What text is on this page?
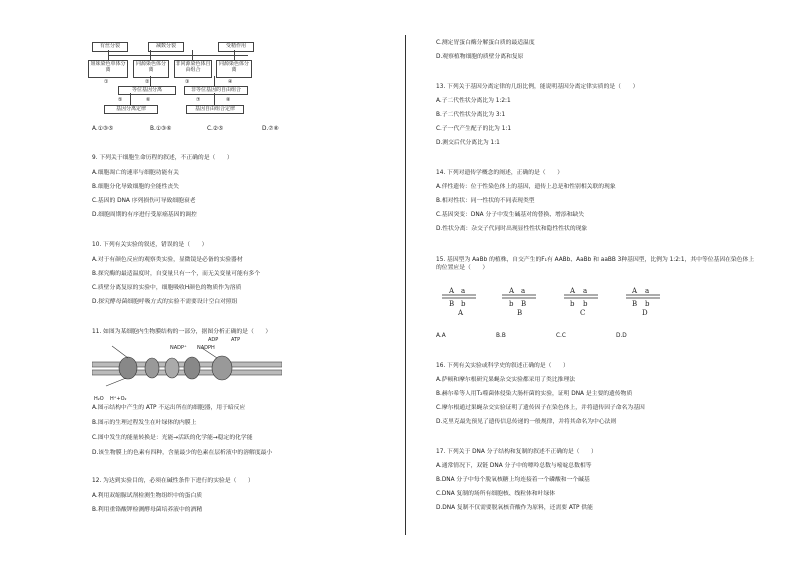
有丝分裂	减数分裂	受精作用
姐妹染色单体分离
同源染色体分离
非同源染色体自由组合
同源染色体分离
等位基因分离	非等位基因的自由组合
基因分离定律	基因自由组合定律
①	②	③	④
⑤	⑥	⑦	⑧
A.①③⑤	B.①③⑥	C.②⑤	D.⑦⑧
9. 下列关于细胞生命历程的叙述，不正确的是（　　）
A.细胞凋亡的速率与细胞功能有关
B.细胞分化导致细胞的全能性丧失
C.基因的 DNA 序列损伤可导致细胞衰老
D.细胞周期的有序进行受原癌基因的调控
10. 下列有关实验的叙述，错误的是（　　）
A.对于有颜色反应的观察类实验，显微镜是必备的实验器材
B.探究酶的最适温度时，自变量只有一个，而无关变量可能有多个
C.质壁分离复原的实验中，细胞吸收H颜色的物质作为溶质
D.探究酵母菌细胞呼吸方式的实验不需要设计空白对照组
11. 如图为某细胞内生物膜结构的一部分，据图分析正确的是（　　）
ADP	ATP
NADP⁺ NADPH
H₂O H⁺+O₂
A.图示结构中产生的 ATP 不运出所在的细胞器，用于暗反应
B.图示的生理过程发生在叶绿体的内膜上
C.图中发生的能量转换是：光能→活跃的化学能→稳定的化学能
D.该生物膜上的色素有四种，含量最少的色素在层析液中的溶解度最小
12. 为达到实验目的，必须在碱性条件下进行的实验是（　　）
A.利用双缩脲试剂检测生物组织中的蛋白质
B.利用重铬酸钾检测酵母菌培养液中的酒精
C.测定胃蛋白酶分解蛋白质的最适温度
D.观察植物细胞的质壁分离和复原
13. 下列关于基因分离定律的几组比例，能说明基因分离定律实质的是（　　）
A.子二代性状分离比为 1:2:1
B.子二代性状分离比为 3:1
C.子一代产生配子的比为 1:1
D.测交后代分离比为 1:1
14. 下列对遗传学概念的阐述，正确的是（　　）
A.伴性遗传：位于性染色体上的基因，遗传上总是和性别相关联的现象
B.相对性状：同一性状的不同表现类型
C.基因突变：DNA 分子中发生碱基对的替换、增添和缺失
D.性状分离：杂交子代同时出现显性性状和隐性性状的现象
15. 基因型为 AaBb 的植株，自交产生的F₁有 AABb、AaBb 和 aaBB 3种基因型，比例为 1:2:1，其中等位基因在染色体上的位置应是（　　）
A a
B b
A a
b B
A a
b b
A a
B b
A	B	C	D
A.A	B.B	C.C	D.D
16. 下列有关实验或科学史的叙述正确的是（　　）
A.萨顿和摩尔根研究果蝇杂交实验都采用了类比推理法
B.赫尔希等人用T₂噬菌体侵染大肠杆菌的实验，证明 DNA 是主要的遗传物质
C.摩尔根通过果蝇杂交实验证明了遗传因子在染色体上，并将遗传因子命名为基因
D.克里克最先预见了遗传信息传递的一般规律，并将其命名为中心法则
17. 下列关于 DNA 分子结构和复制的叙述不正确的是（　　）
A.通常情况下，双链 DNA 分子中的嘌呤总数与嘧啶总数相等
B.DNA 分子中每个脱氧核糖上均连接着一个磷酸和一个碱基
C.DNA 复制的场所有细胞核、线粒体和叶绿体
D.DNA 复制不仅需要脱氧核苷酸作为原料，还需要 ATP 供能
